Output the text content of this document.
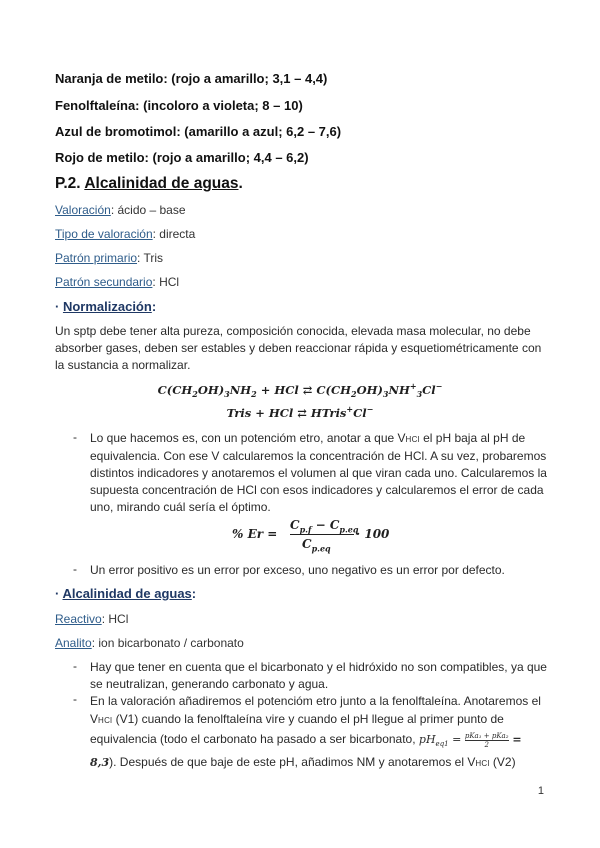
Naranja de metilo: (rojo a amarillo; 3,1 – 4,4)
Fenolftaleína: (incoloro a violeta; 8 – 10)
Azul de bromotimol: (amarillo a azul; 6,2 – 7,6)
Rojo de metilo: (rojo a amarillo; 4,4 – 6,2)
P.2. Alcalinidad de aguas.
Valoración: ácido – base
Tipo de valoración: directa
Patrón primario: Tris
Patrón secundario: HCl
· Normalización:
Un sptp debe tener alta pureza, composición conocida, elevada masa molecular, no debe absorber gases, deben ser estables y deben reaccionar rápida y esquetiométricamente con la sustancia a normalizar.
$C(CH_2OH)_3NH_2$ + HCl ⇄ $C(CH_2OH)_3NH^+_3Cl^-$
Tris + HCl ⇄ HTris+Cl−
- Lo que hacemos es, con un potencióm etro, anotar a que VHCl el pH baja al pH de equivalencia. Con ese V calcularemos la concentración de HCl. A su vez, probaremos distintos indicadores y anotaremos el volumen al que viran cada uno. Calcularemos la supuesta concentración de HCl con esos indicadores y calcularemos el error de cada uno, mirando cuál sería el óptimo.
% Er =
$C_{p.f} - C_{p.eq}$
$C_{p.eq}$
· 100
- Un error positivo es un error por exceso, uno negativo es un error por defecto.
· Alcalinidad de aguas:
Reactivo: HCl
Analito: ion bicarbonato / carbonato
- Hay que tener en cuenta que el bicarbonato y el hidróxido no son compatibles, ya que se neutralizan, generando carbonato y agua.
- En la valoración añadiremos el potencióm etro junto a la fenolftaleína. Anotaremos el VHCl (V1) cuando la fenolftaleína vire y cuando el pH llegue al primer punto de equivalencia (todo el carbonato ha pasado a ser bicarbonato, $pH_{eq1} = pKa_1 + pKa_2$
2	= 8,3). Después de que baje de este pH, añadimos NM y anotaremos el VHCl (V2)
1
